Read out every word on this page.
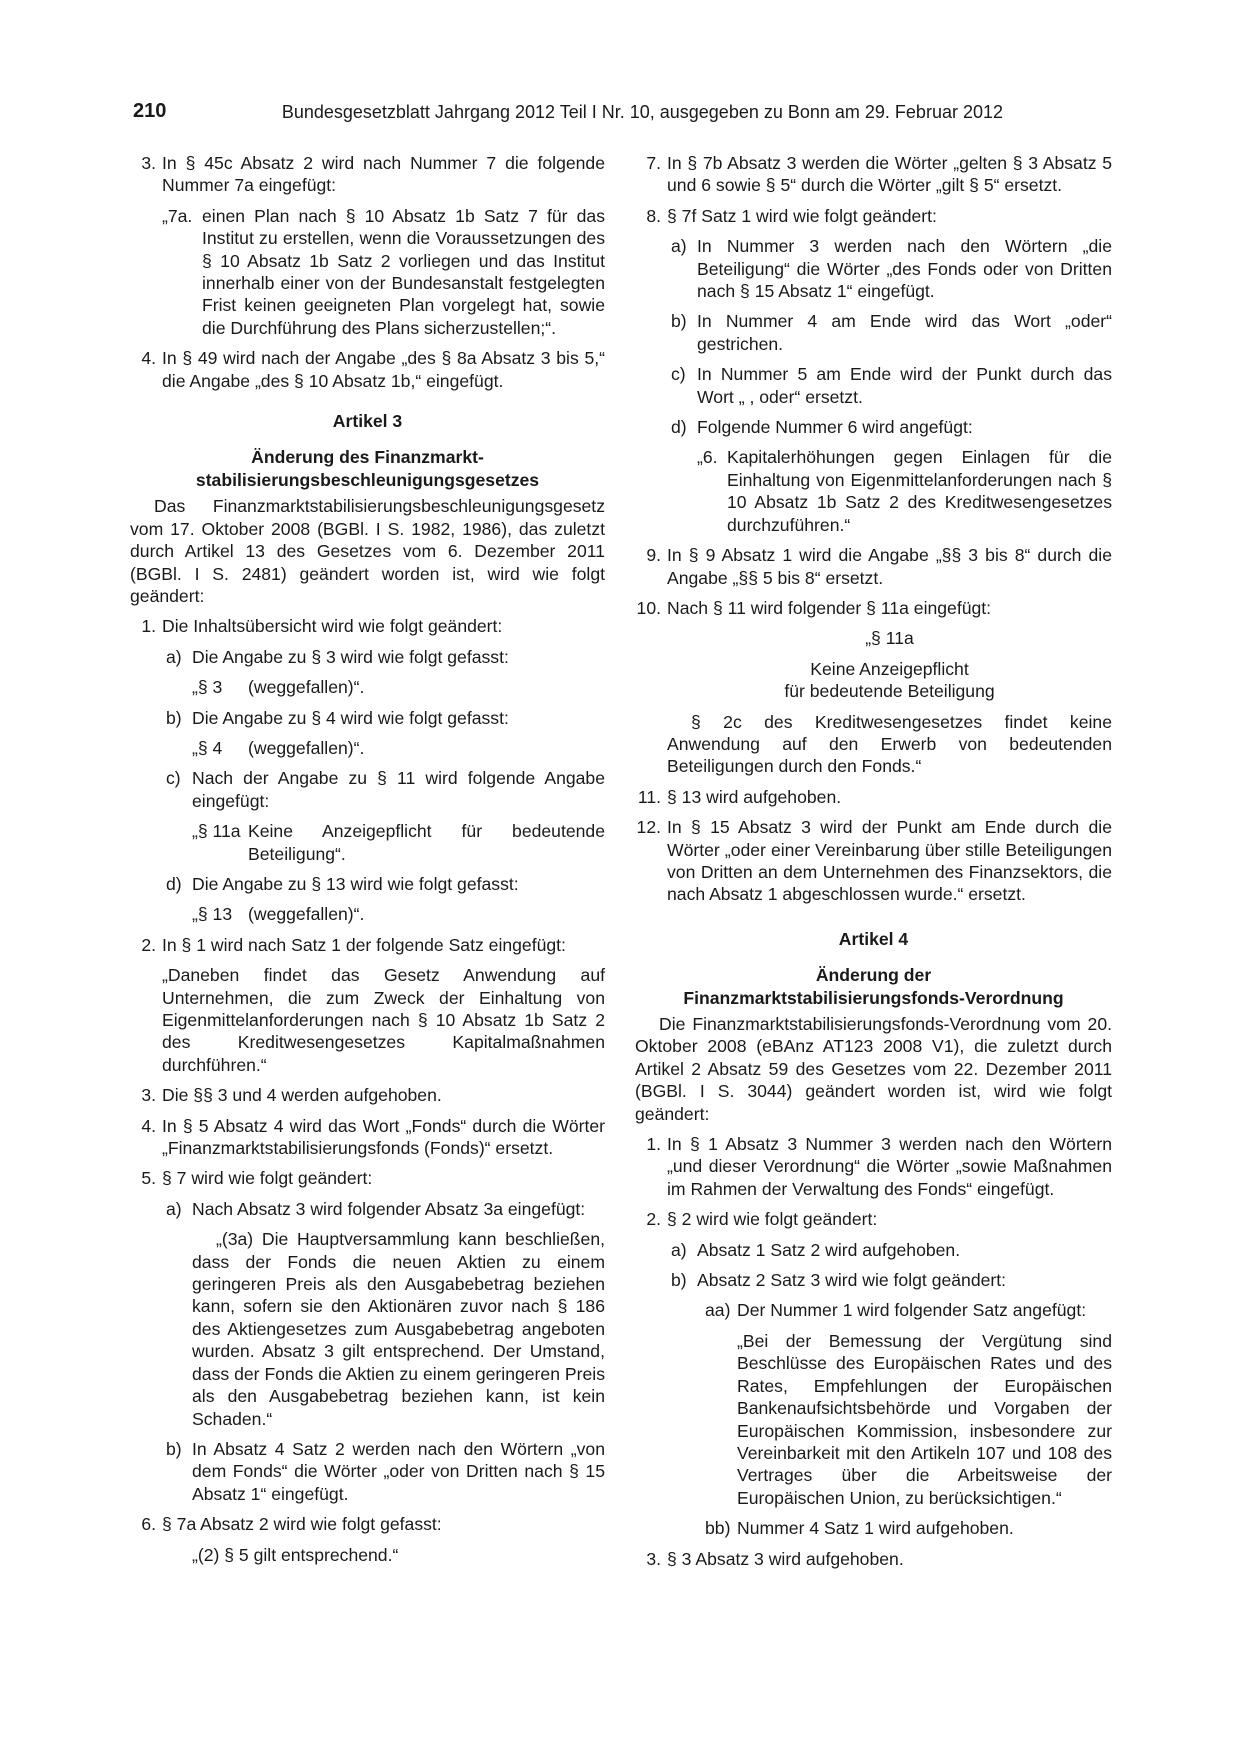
210	Bundesgesetzblatt Jahrgang 2012 Teil I Nr. 10, ausgegeben zu Bonn am 29. Februar 2012
3. In § 45c Absatz 2 wird nach Nummer 7 die folgende Nummer 7a eingefügt:
„7a. einen Plan nach § 10 Absatz 1b Satz 7 für das Institut zu erstellen, wenn die Voraussetzungen des § 10 Absatz 1b Satz 2 vorliegen und das Institut innerhalb einer von der Bundesanstalt festgelegten Frist keinen geeigneten Plan vorgelegt hat, sowie die Durchführung des Plans sicherzustellen;“.
4. In § 49 wird nach der Angabe „des § 8a Absatz 3 bis 5,“ die Angabe „des § 10 Absatz 1b,“ eingefügt.
Artikel 3
Änderung des Finanzmarkt-
stabilisierungsbeschleunigungsgesetzes
Das Finanzmarktstabilisierungsbeschleunigungsgesetz vom 17. Oktober 2008 (BGBl. I S. 1982, 1986), das zuletzt durch Artikel 13 des Gesetzes vom 6. Dezember 2011 (BGBl. I S. 2481) geändert worden ist, wird wie folgt geändert:
1. Die Inhaltsübersicht wird wie folgt geändert:
a) Die Angabe zu § 3 wird wie folgt gefasst:
„§ 3	(weggefallen)“.
b) Die Angabe zu § 4 wird wie folgt gefasst:
„§ 4	(weggefallen)“.
c) Nach der Angabe zu § 11 wird folgende Angabe eingefügt:
„§ 11a Keine Anzeigepflicht für bedeutende Beteiligung“.
d) Die Angabe zu § 13 wird wie folgt gefasst:
„§ 13 (weggefallen)“.
2. In § 1 wird nach Satz 1 der folgende Satz eingefügt:
„Daneben findet das Gesetz Anwendung auf Unternehmen, die zum Zweck der Einhaltung von Eigenmittelanforderungen nach § 10 Absatz 1b Satz 2 des Kreditwesengesetzes Kapitalmaßnahmen durchführen.“
3. Die §§ 3 und 4 werden aufgehoben.
4. In § 5 Absatz 4 wird das Wort „Fonds“ durch die Wörter „Finanzmarktstabilisierungsfonds (Fonds)“ ersetzt.
5. § 7 wird wie folgt geändert:
a) Nach Absatz 3 wird folgender Absatz 3a eingefügt:
„(3a) Die Hauptversammlung kann beschließen, dass der Fonds die neuen Aktien zu einem geringeren Preis als den Ausgabebetrag beziehen kann, sofern sie den Aktionären zuvor nach § 186 des Aktiengesetzes zum Ausgabebetrag angeboten wurden. Absatz 3 gilt entsprechend. Der Umstand, dass der Fonds die Aktien zu einem geringeren Preis als den Ausgabebetrag beziehen kann, ist kein Schaden.“
b) In Absatz 4 Satz 2 werden nach den Wörtern „von dem Fonds“ die Wörter „oder von Dritten nach § 15 Absatz 1“ eingefügt.
6. § 7a Absatz 2 wird wie folgt gefasst:
„(2) § 5 gilt entsprechend.“
7. In § 7b Absatz 3 werden die Wörter „gelten § 3 Absatz 5 und 6 sowie § 5“ durch die Wörter „gilt § 5“ ersetzt.
8. § 7f Satz 1 wird wie folgt geändert:
a) In Nummer 3 werden nach den Wörtern „die Beteiligung“ die Wörter „des Fonds oder von Dritten nach § 15 Absatz 1“ eingefügt.
b) In Nummer 4 am Ende wird das Wort „oder“ gestrichen.
c) In Nummer 5 am Ende wird der Punkt durch das Wort „ , oder“ ersetzt.
d) Folgende Nummer 6 wird angefügt:
„6. Kapitalerhöhungen gegen Einlagen für die Einhaltung von Eigenmittelanforderungen nach § 10 Absatz 1b Satz 2 des Kreditwesengesetzes durchzuführen.“
9. In § 9 Absatz 1 wird die Angabe „§§ 3 bis 8“ durch die Angabe „§§ 5 bis 8“ ersetzt.
10. Nach § 11 wird folgender § 11a eingefügt:
„§ 11a
Keine Anzeigepflicht
für bedeutende Beteiligung
§ 2c des Kreditwesengesetzes findet keine Anwendung auf den Erwerb von bedeutenden Beteiligungen durch den Fonds.“
11. § 13 wird aufgehoben.
12. In § 15 Absatz 3 wird der Punkt am Ende durch die Wörter „oder einer Vereinbarung über stille Beteiligungen von Dritten an dem Unternehmen des Finanzsektors, die nach Absatz 1 abgeschlossen wurde.“ ersetzt.
Artikel 4
Änderung der
Finanzmarktstabilisierungsfonds-Verordnung
Die Finanzmarktstabilisierungsfonds-Verordnung vom 20. Oktober 2008 (eBAnz AT123 2008 V1), die zuletzt durch Artikel 2 Absatz 59 des Gesetzes vom 22. Dezember 2011 (BGBl. I S. 3044) geändert worden ist, wird wie folgt geändert:
1. In § 1 Absatz 3 Nummer 3 werden nach den Wörtern „und dieser Verordnung“ die Wörter „sowie Maßnahmen im Rahmen der Verwaltung des Fonds“ eingefügt.
2. § 2 wird wie folgt geändert:
a) Absatz 1 Satz 2 wird aufgehoben.
b) Absatz 2 Satz 3 wird wie folgt geändert:
aa) Der Nummer 1 wird folgender Satz angefügt:
„Bei der Bemessung der Vergütung sind Beschlüsse des Europäischen Rates und des Rates, Empfehlungen der Europäischen Bankenaufsichtsbehörde und Vorgaben der Europäischen Kommission, insbesondere zur Vereinbarkeit mit den Artikeln 107 und 108 des Vertrages über die Arbeitsweise der Europäischen Union, zu berücksichtigen.“
bb) Nummer 4 Satz 1 wird aufgehoben.
3. § 3 Absatz 3 wird aufgehoben.
